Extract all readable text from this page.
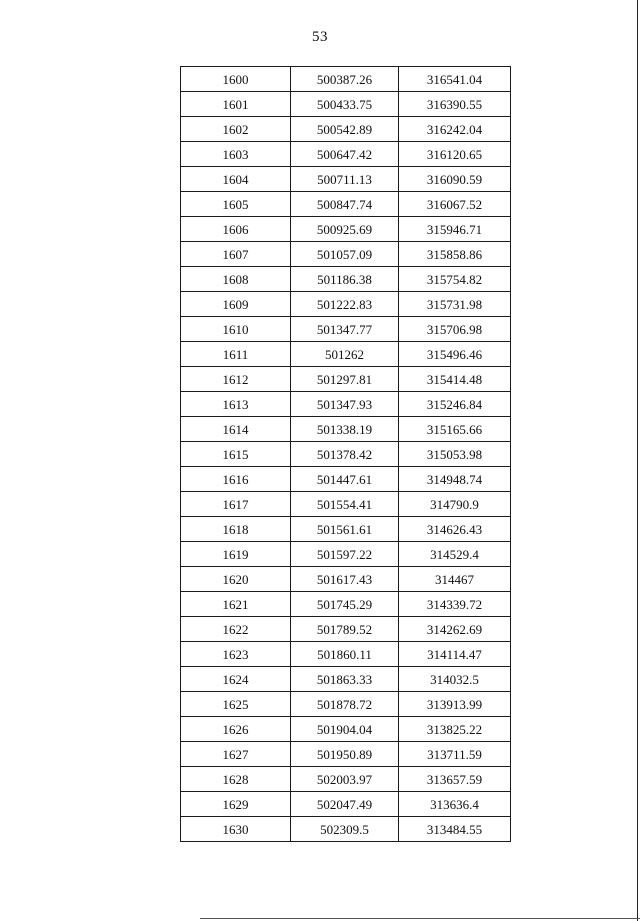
53
1600	500387.26	316541.04
1601	500433.75	316390.55
1602	500542.89	316242.04
1603	500647.42	316120.65
1604	500711.13	316090.59
1605	500847.74	316067.52
1606	500925.69	315946.71
1607	501057.09	315858.86
1608	501186.38	315754.82
1609	501222.83	315731.98
1610	501347.77	315706.98
1611	501262	315496.46
1612	501297.81	315414.48
1613	501347.93	315246.84
1614	501338.19	315165.66
1615	501378.42	315053.98
1616	501447.61	314948.74
1617	501554.41	314790.9
1618	501561.61	314626.43
1619	501597.22	314529.4
1620	501617.43	314467
1621	501745.29	314339.72
1622	501789.52	314262.69
1623	501860.11	314114.47
1624	501863.33	314032.5
1625	501878.72	313913.99
1626	501904.04	313825.22
1627	501950.89	313711.59
1628	502003.97	313657.59
1629	502047.49	313636.4
1630	502309.5	313484.55
